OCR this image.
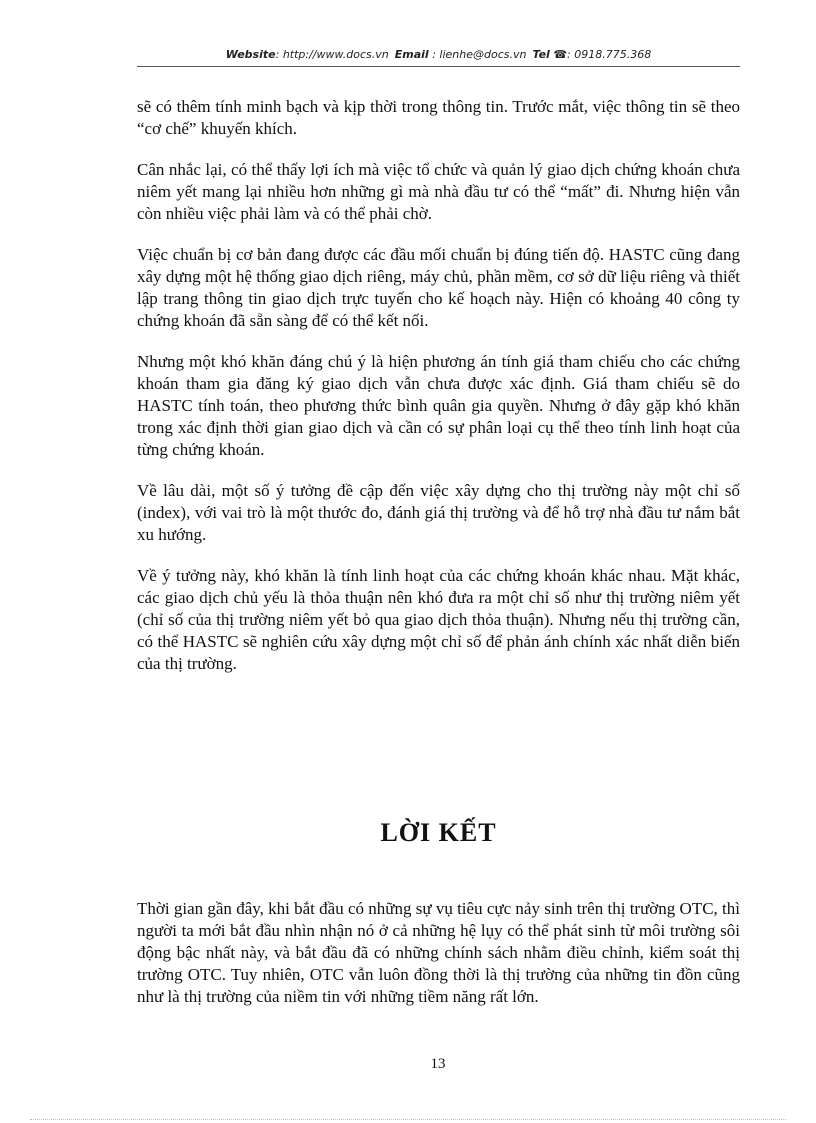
Website: http://www.docs.vn Email : lienhe@docs.vn Tel ☎: 0918.775.368

sẽ có thêm tính minh bạch và kịp thời trong thông tin. Trước mắt, việc thông tin sẽ theo “cơ chế” khuyến khích.

Cân nhắc lại, có thể thấy lợi ích mà việc tổ chức và quản lý giao dịch chứng khoán chưa niêm yết mang lại nhiều hơn những gì mà nhà đầu tư có thể “mất” đi. Nhưng hiện vẫn còn nhiều việc phải làm và có thể phải chờ.

Việc chuẩn bị cơ bản đang được các đầu mối chuẩn bị đúng tiến độ. HASTC cũng đang xây dựng một hệ thống giao dịch riêng, máy chủ, phần mềm, cơ sở dữ liệu riêng và thiết lập trang thông tin giao dịch trực tuyến cho kế hoạch này. Hiện có khoảng 40 công ty chứng khoán đã sẵn sàng để có thể kết nối.

Nhưng một khó khăn đáng chú ý là hiện phương án tính giá tham chiếu cho các chứng khoán tham gia đăng ký giao dịch vẫn chưa được xác định. Giá tham chiếu sẽ do HASTC tính toán, theo phương thức bình quân gia quyền. Nhưng ở đây gặp khó khăn trong xác định thời gian giao dịch và cần có sự phân loại cụ thể theo tính linh hoạt của từng chứng khoán.

Về lâu dài, một số ý tưởng đề cập đến việc xây dựng cho thị trường này một chỉ số (index), với vai trò là một thước đo, đánh giá thị trường và để hỗ trợ nhà đầu tư nắm bắt xu hướng.

Về ý tưởng này, khó khăn là tính linh hoạt của các chứng khoán khác nhau. Mặt khác, các giao dịch chủ yếu là thỏa thuận nên khó đưa ra một chỉ số như thị trường niêm yết (chỉ số của thị trường niêm yết bỏ qua giao dịch thỏa thuận). Nhưng nếu thị trường cần, có thể HASTC sẽ nghiên cứu xây dựng một chỉ số để phản ánh chính xác nhất diễn biến của thị trường.

LỜI KẾT

Thời gian gần đây, khi bắt đầu có những sự vụ tiêu cực nảy sinh trên thị trường OTC, thì người ta mới bắt đầu nhìn nhận nó ở cả những hệ lụy có thể phát sinh từ môi trường sôi động bậc nhất này, và bắt đầu đã có những chính sách nhằm điều chỉnh, kiểm soát thị trường OTC. Tuy nhiên, OTC vẫn luôn đồng thời là thị trường của những tin đồn cũng như là thị trường của niềm tin với những tiềm năng rất lớn.

13
